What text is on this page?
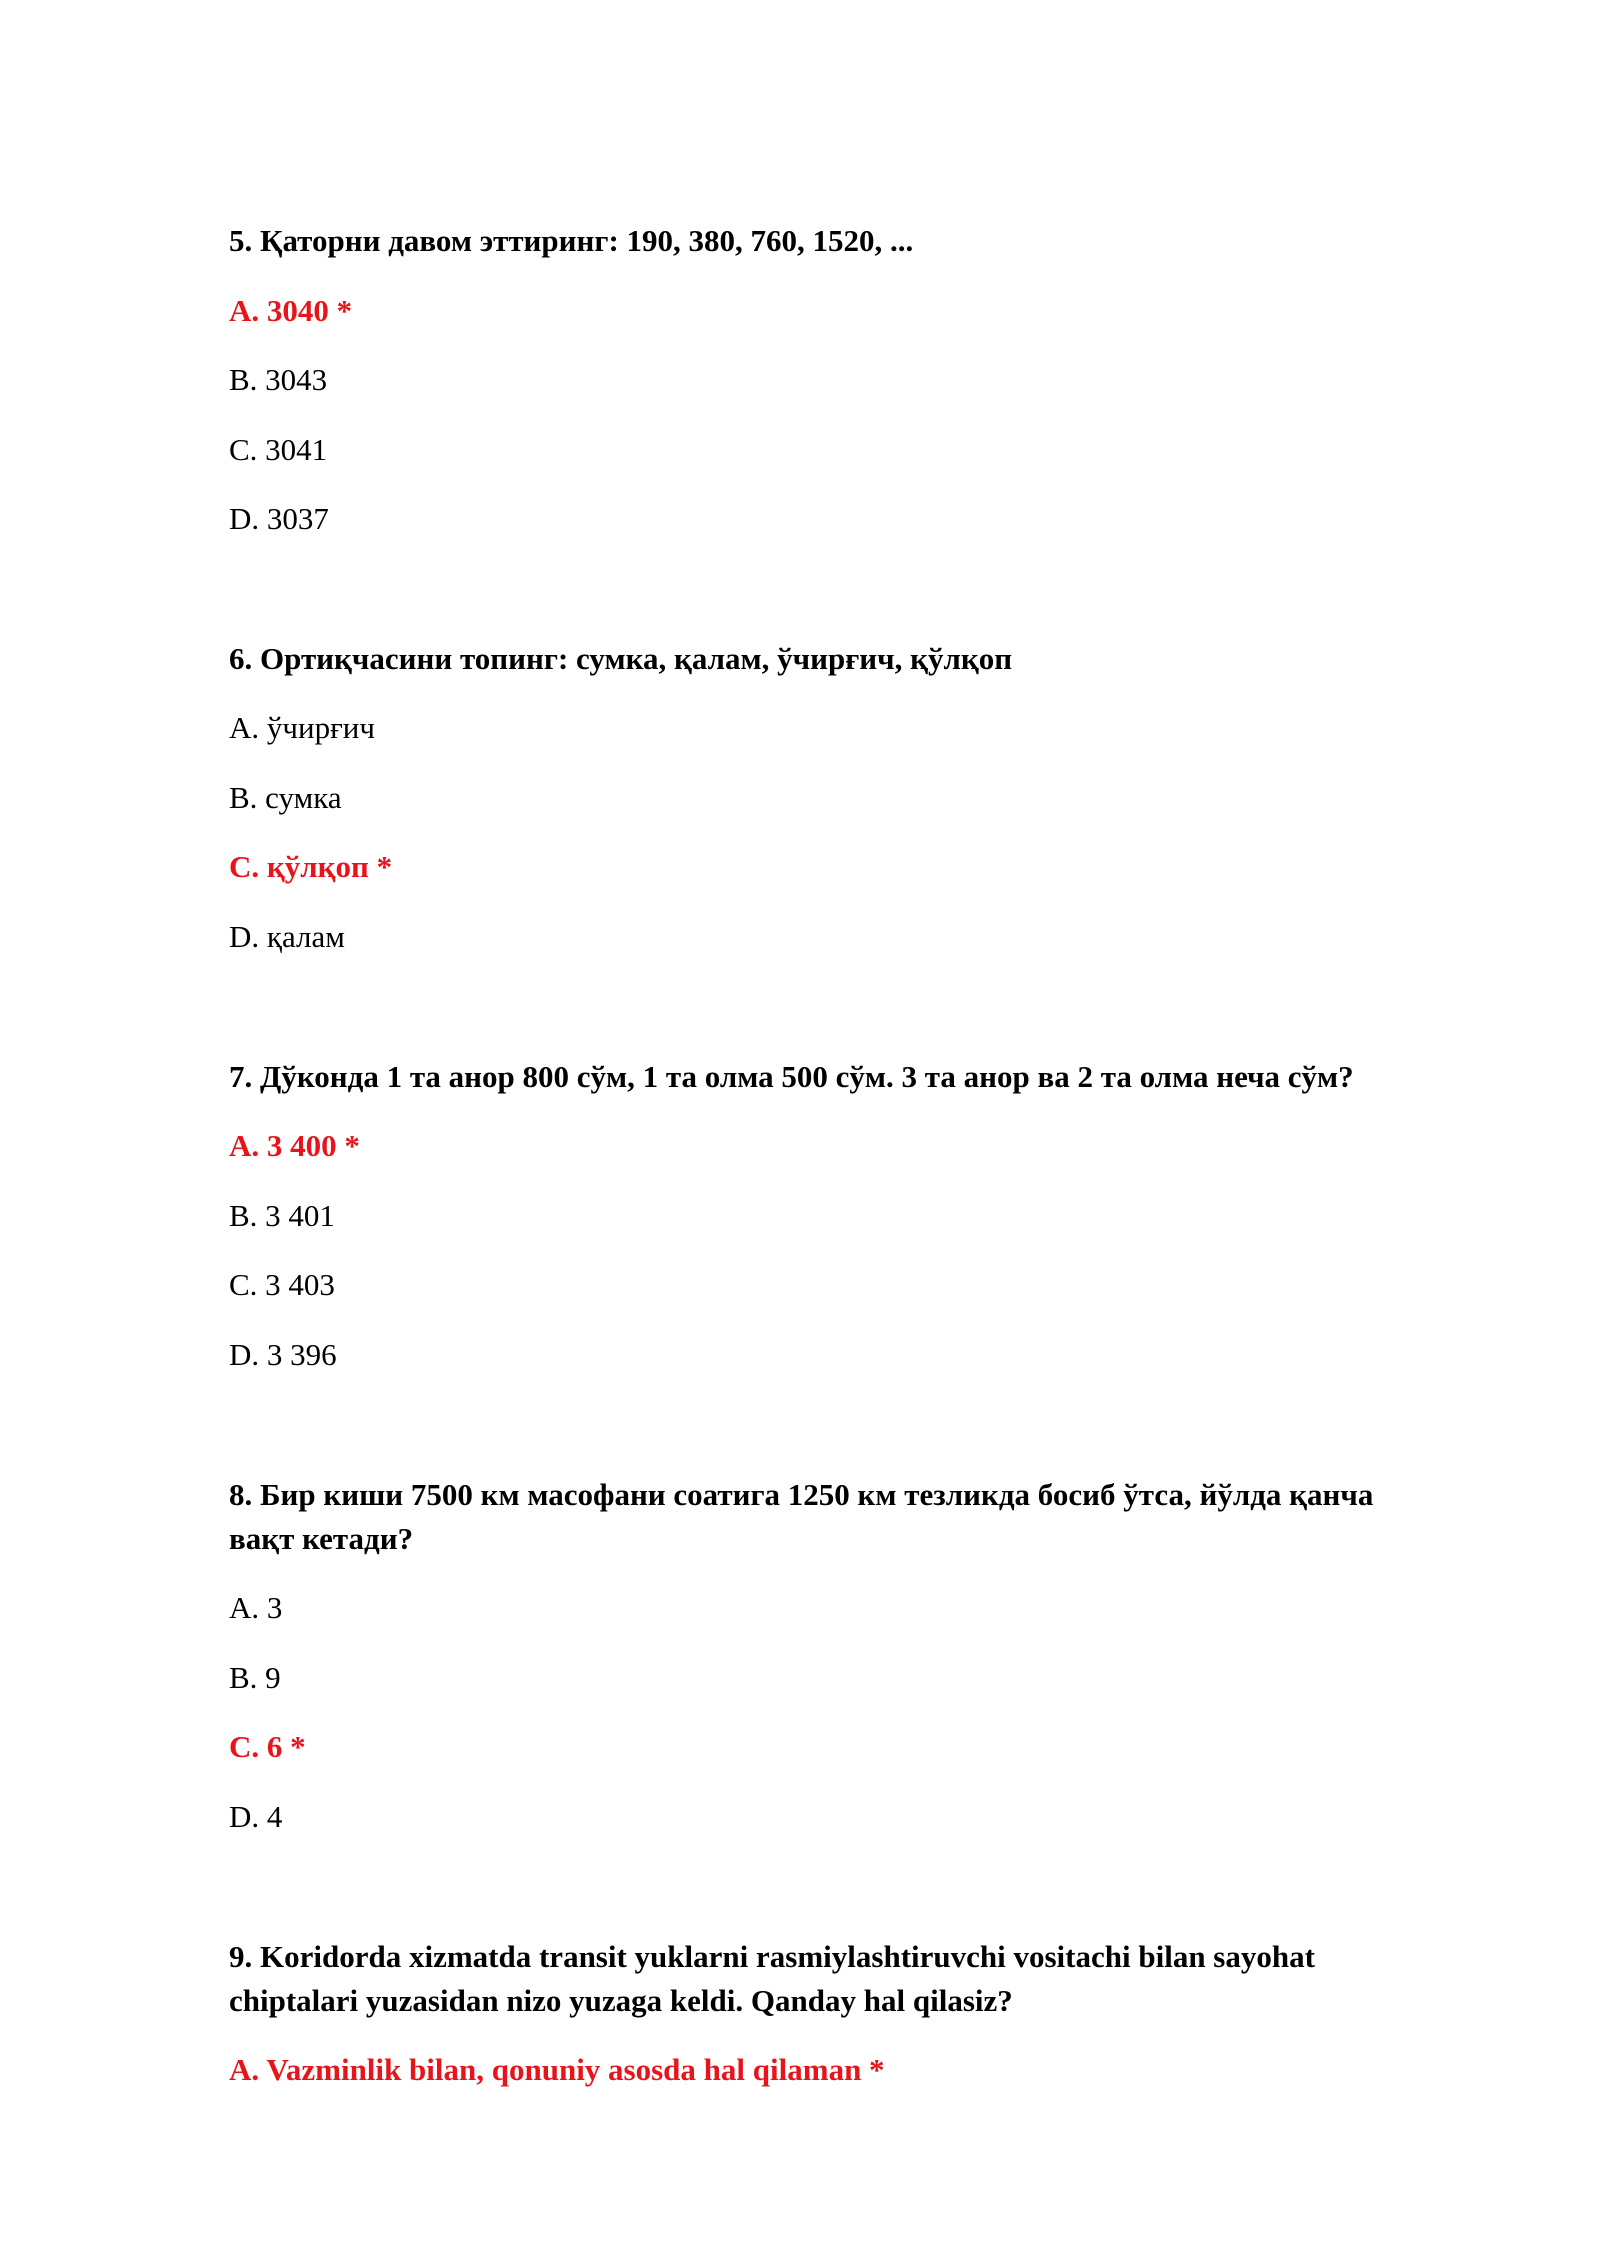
5. Қаторни давом эттиринг: 190, 380, 760, 1520, ...
A. 3040 *
B. 3043
C. 3041
D. 3037
6. Ортиқчасини топинг: сумка, қалам, ўчирғич, қўлқоп
A. ўчирғич
B. сумка
C. қўлқоп *
D. қалам
7. Дўконда 1 та анор 800 сўм, 1 та олма 500 сўм. 3 та анор ва 2 та олма неча сўм?
A. 3 400 *
B. 3 401
C. 3 403
D. 3 396
8. Бир киши 7500 км масофани соатига 1250 км тезликда босиб ўтса, йўлда қанча
вақт кетади?
A. 3
B. 9
C. 6 *
D. 4
9. Koridorda xizmatda transit yuklarni rasmiylashtiruvchi vositachi bilan sayohat
chiptalari yuzasidan nizo yuzaga keldi. Qanday hal qilasiz?
A. Vazminlik bilan, qonuniy asosda hal qilaman *
